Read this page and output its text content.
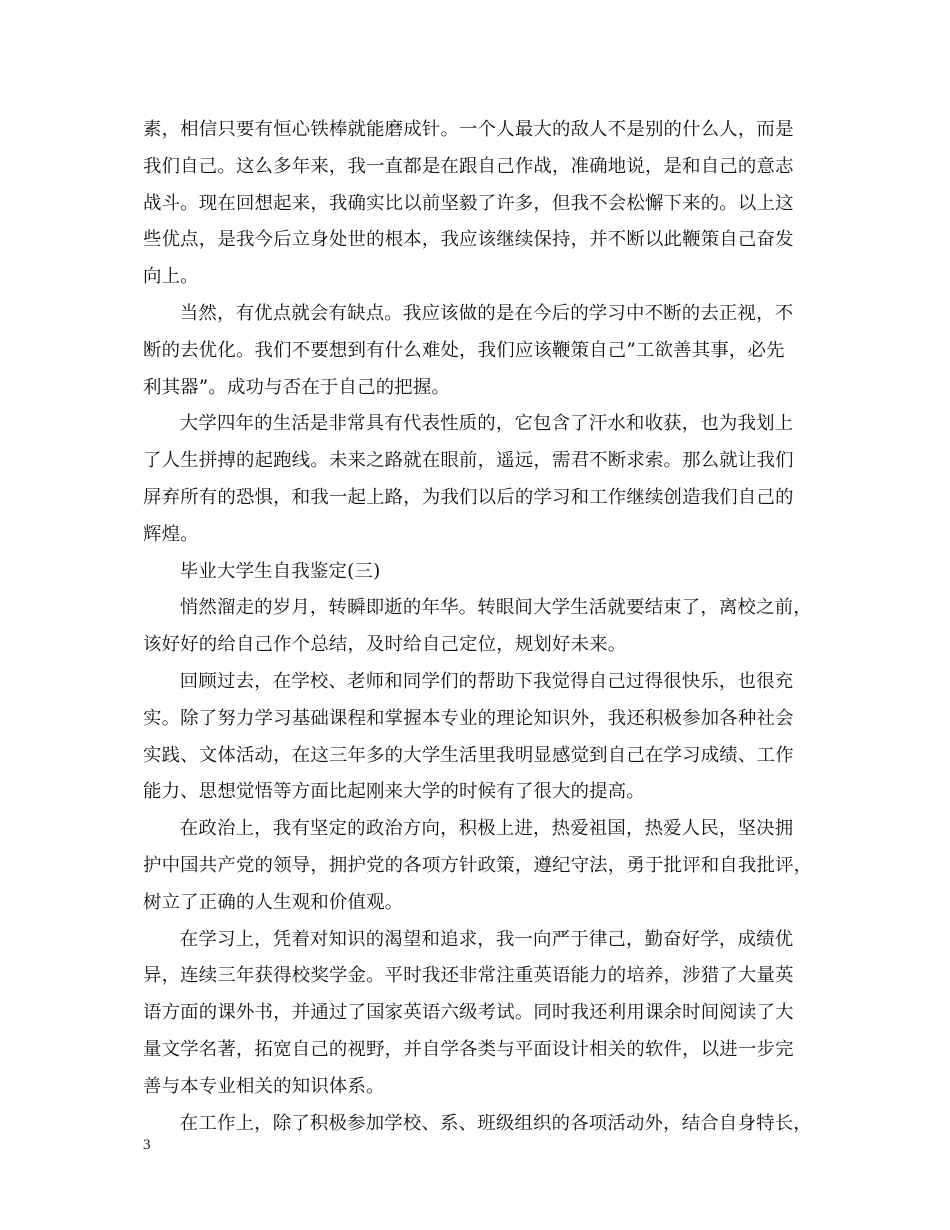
素，相信只要有恒心铁棒就能磨成针。一个人最大的敌人不是别的什么人，而是
我们自己。这么多年来，我一直都是在跟自己作战，准确地说，是和自己的意志
战斗。现在回想起来，我确实比以前坚毅了许多，但我不会松懈下来的。以上这
些优点，是我今后立身处世的根本，我应该继续保持，并不断以此鞭策自己奋发
向上。
当然，有优点就会有缺点。我应该做的是在今后的学习中不断的去正视，不
断的去优化。我们不要想到有什么难处，我们应该鞭策自己”工欲善其事，必先
利其器”。成功与否在于自己的把握。
大学四年的生活是非常具有代表性质的，它包含了汗水和收获，也为我划上
了人生拼搏的起跑线。未来之路就在眼前，遥远，需君不断求索。那么就让我们
屏弃所有的恐惧，和我一起上路，为我们以后的学习和工作继续创造我们自己的
辉煌。
毕业大学生自我鉴定(三)
悄然溜走的岁月，转瞬即逝的年华。转眼间大学生活就要结束了，离校之前，
该好好的给自己作个总结，及时给自己定位，规划好未来。
回顾过去，在学校、老师和同学们的帮助下我觉得自己过得很快乐，也很充
实。除了努力学习基础课程和掌握本专业的理论知识外，我还积极参加各种社会
实践、文体活动，在这三年多的大学生活里我明显感觉到自己在学习成绩、工作
能力、思想觉悟等方面比起刚来大学的时候有了很大的提高。
在政治上，我有坚定的政治方向，积极上进，热爱祖国，热爱人民，坚决拥
护中国共产党的领导，拥护党的各项方针政策，遵纪守法，勇于批评和自我批评，
树立了正确的人生观和价值观。
在学习上，凭着对知识的渴望和追求，我一向严于律己，勤奋好学，成绩优
异，连续三年获得校奖学金。平时我还非常注重英语能力的培养，涉猎了大量英
语方面的课外书，并通过了国家英语六级考试。同时我还利用课余时间阅读了大
量文学名著，拓宽自己的视野，并自学各类与平面设计相关的软件，以进一步完
善与本专业相关的知识体系。
在工作上，除了积极参加学校、系、班级组织的各项活动外，结合自身特长，
3
